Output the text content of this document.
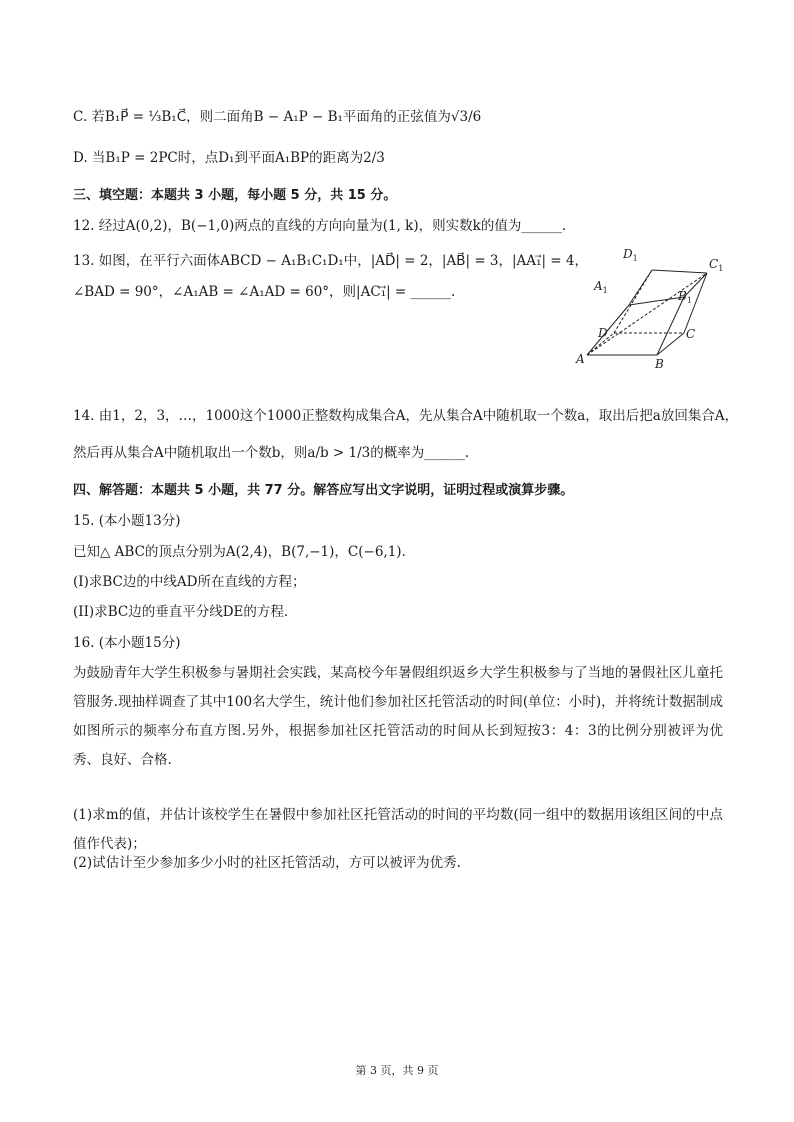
C. 若B₁P⃗ = ⅓B₁C⃗，则二面角B − A₁P − B₁平面角的正弦值为√3/6
D. 当B₁P = 2PC时，点D₁到平面A₁BP的距离为2/3
三、填空题：本题共 3 小题，每小题 5 分，共 15 分。
12. 经过A(0,2)，B(−1,0)两点的直线的方向向量为(1, k)，则实数k的值为______.
13. 如图，在平行六面体ABCD − A₁B₁C₁D₁中，|AD⃗| = 2，|AB⃗| = 3，|AA₁⃗| = 4，
∠BAD = 90°，∠A₁AB = ∠A₁AD = 60°，则|AC₁⃗| = ______.
$D_1$	$C_1$
$A_1$	$B_1$
D	C
A	B
14. 由1，2，3，…，1000这个1000正整数构成集合A，先从集合A中随机取一个数a，取出后把a放回集合A，
然后再从集合A中随机取出一个数b，则a/b > 1/3的概率为______.
四、解答题：本题共 5 小题，共 77 分。解答应写出文字说明，证明过程或演算步骤。
15. (本小题13分)
已知△ ABC的顶点分别为A(2,4)，B(7,−1)，C(−6,1).
(I)求BC边的中线AD所在直线的方程；
(II)求BC边的垂直平分线DE的方程.
16. (本小题15分)
为鼓励青年大学生积极参与暑期社会实践，某高校今年暑假组织返乡大学生积极参与了当地的暑假社区儿童托管服务.现抽样调查了其中100名大学生，统计他们参加社区托管活动的时间(单位：小时)，并将统计数据制成如图所示的频率分布直方图.另外，根据参加社区托管活动的时间从长到短按3：4：3的比例分别被评为优秀、良好、合格.
(1)求m的值，并估计该校学生在暑假中参加社区托管活动的时间的平均数(同一组中的数据用该组区间的中点值作代表)；
(2)试估计至少参加多少小时的社区托管活动，方可以被评为优秀.
第 3 页，共 9 页
